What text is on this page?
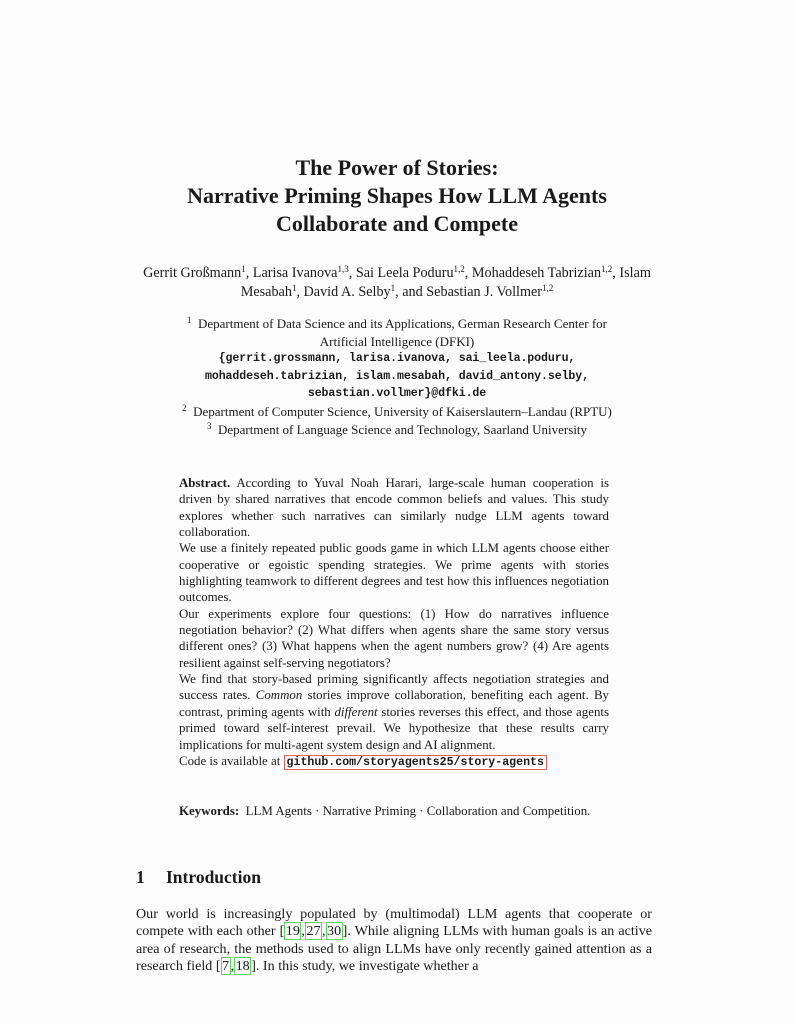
The Power of Stories:
Narrative Priming Shapes How LLM Agents
Collaborate and Compete
Gerrit Großmann$^1$, Larisa Ivanova$^{1,3}$, Sai Leela Poduru$^{1,2}$, Mohaddeseh Tabrizian$^{1,2}$, Islam Mesabah$^1$, David A. Selby$^1$, and Sebastian J. Vollmer$^{1,2}$
$^1$ Department of Data Science and its Applications, German Research Center for
Artificial Intelligence (DFKI)
{gerrit.grossmann, larisa.ivanova, sai_leela.poduru,
mohaddeseh.tabrizian, islam.mesabah, david_antony.selby,
sebastian.vollmer}@dfki.de
$^2$ Department of Computer Science, University of Kaiserslautern–Landau (RPTU)
$^3$ Department of Language Science and Technology, Saarland University

Abstract. According to Yuval Noah Harari, large-scale human cooperation is driven by shared narratives that encode common beliefs and values. This study explores whether such narratives can similarly nudge LLM agents toward collaboration.

We use a finitely repeated public goods game in which LLM agents choose either cooperative or egoistic spending strategies. We prime agents with stories highlighting teamwork to different degrees and test how this influences negotiation outcomes.

Our experiments explore four questions: (1) How do narratives influence negotiation behavior? (2) What differs when agents share the same story versus different ones? (3) What happens when the agent numbers grow? (4) Are agents resilient against self-serving negotiators?

We find that story-based priming significantly affects negotiation strategies and success rates. Common stories improve collaboration, benefiting each agent. By contrast, priming agents with different stories reverses this effect, and those agents primed toward self-interest prevail. We hypothesize that these results carry implications for multi-agent system design and AI alignment.

Code is available at github.com/storyagents25/story-agents

Keywords: LLM Agents · Narrative Priming · Collaboration and Competition.
1 Introduction

Our world is increasingly populated by (multimodal) LLM agents that cooperate or compete with each other [ 19 , 27 , 30 ]. While aligning LLMs with human goals is an active area of research, the methods used to align LLMs have only recently gained attention as a research field [ 7 , 18 ]. In this study, we investigate whether a
